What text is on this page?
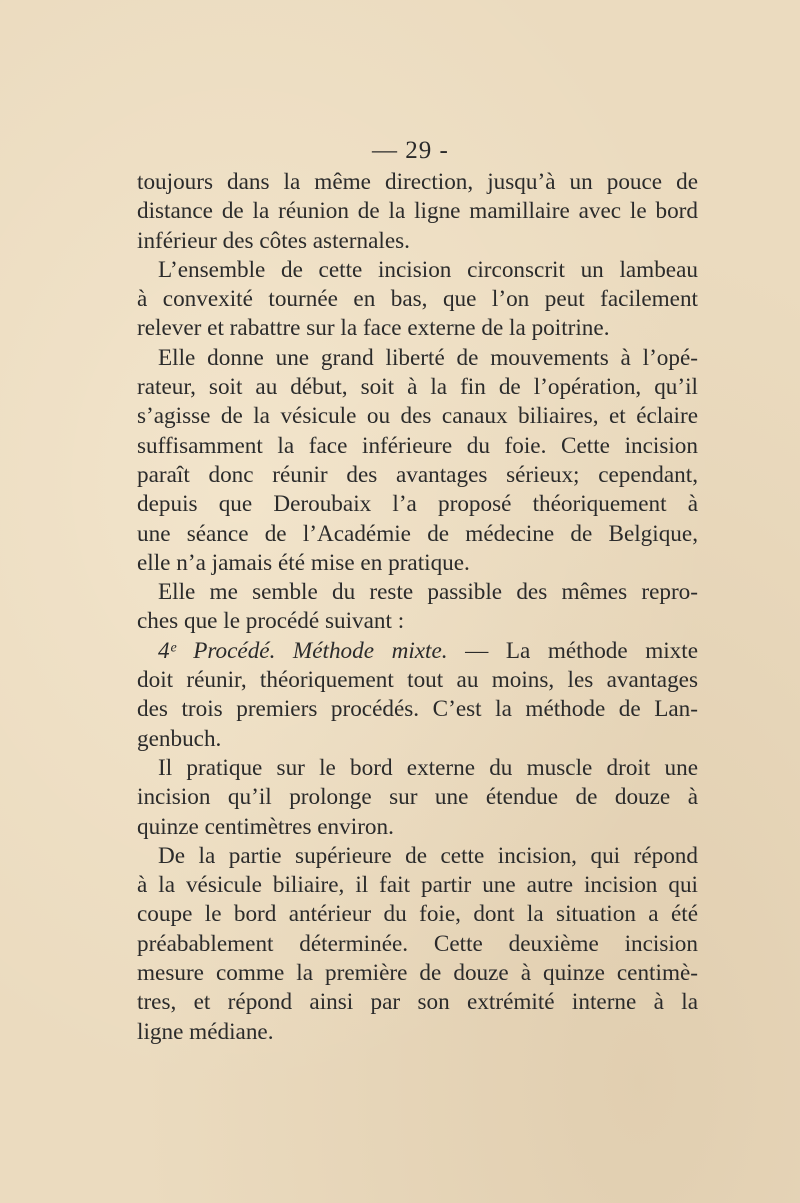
— 29 -
toujours dans la même direction, jusqu’à un pouce de
distance de la réunion de la ligne mamillaire avec le bord
inférieur des côtes asternales.
L’ensemble de cette incision circonscrit un lambeau
à convexité tournée en bas, que l’on peut facilement
relever et rabattre sur la face externe de la poitrine.
Elle donne une grand liberté de mouvements à l’opé-
rateur, soit au début, soit à la fin de l’opération, qu’il
s’agisse de la vésicule ou des canaux biliaires, et éclaire
suffisamment la face inférieure du foie. Cette incision
paraît donc réunir des avantages sérieux; cependant,
depuis que Deroubaix l’a proposé théoriquement à
une séance de l’Académie de médecine de Belgique,
elle n’a jamais été mise en pratique.
Elle me semble du reste passible des mêmes repro-
ches que le procédé suivant :
4ᵉ Procédé. Méthode mixte. — La méthode mixte
doit réunir, théoriquement tout au moins, les avantages
des trois premiers procédés. C’est la méthode de Lan-
genbuch.
Il pratique sur le bord externe du muscle droit une
incision qu’il prolonge sur une étendue de douze à
quinze centimètres environ.
De la partie supérieure de cette incision, qui répond
à la vésicule biliaire, il fait partir une autre incision qui
coupe le bord antérieur du foie, dont la situation a été
préabablement déterminée. Cette deuxième incision
mesure comme la première de douze à quinze centimè-
tres, et répond ainsi par son extrémité interne à la
ligne médiane.
